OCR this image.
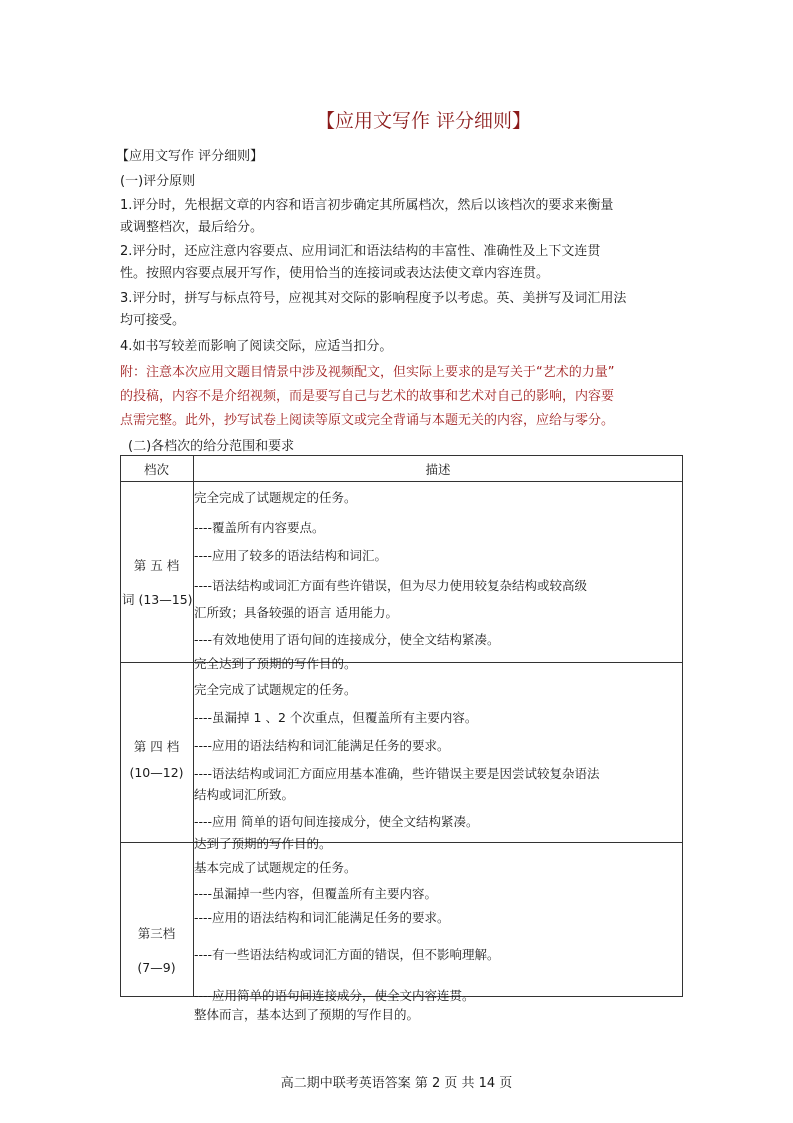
【应用文写作 评分细则】
【应用文写作 评分细则】
(一)评分原则
1.评分时，先根据文章的内容和语言初步确定其所属档次，然后以该档次的要求来衡量
或调整档次，最后给分。
2.评分时，还应注意内容要点、应用词汇和语法结构的丰富性、准确性及上下文连贯
性。按照内容要点展开写作，使用恰当的连接词或表达法使文章内容连贯。
3.评分时，拼写与标点符号，应视其对交际的影响程度予以考虑。英、美拼写及词汇用法
均可接受。
4.如书写较差而影响了阅读交际，应适当扣分。
附：注意本次应用文题目情景中涉及视频配文，但实际上要求的是写关于“艺术的力量”
的投稿，内容不是介绍视频，而是要写自己与艺术的故事和艺术对自己的影响，内容要
点需完整。此外，抄写试卷上阅读等原文或完全背诵与本题无关的内容，应给与零分。
(二)各档次的给分范围和要求
档次	描述
第 五 档
词 (13—15)
完全完成了试题规定的任务。
----覆盖所有内容要点。
----应用了较多的语法结构和词汇。
----语法结构或词汇方面有些许错误，但为尽力使用较复杂结构或较高级
汇所致；具备较强的语言 适用能力。
----有效地使用了语句间的连接成分，使全文结构紧凑。
完全达到了预期的写作目的。
第 四 档
(10—12)
完全完成了试题规定的任务。
----虽漏掉 1 、2 个次重点，但覆盖所有主要内容。
----应用的语法结构和词汇能满足任务的要求。
----语法结构或词汇方面应用基本准确，些许错误主要是因尝试较复杂语法
结构或词汇所致。
----应用 简单的语句间连接成分，使全文结构紧凑。
达到了预期的写作目的。
第三档
(7—9)
基本完成了试题规定的任务。
----虽漏掉一些内容，但覆盖所有主要内容。
----应用的语法结构和词汇能满足任务的要求。
----有一些语法结构或词汇方面的错误，但不影响理解。
----应用简单的语句间连接成分，使全文内容连贯。
整体而言，基本达到了预期的写作目的。
高二期中联考英语答案 第 2 页 共 14 页
